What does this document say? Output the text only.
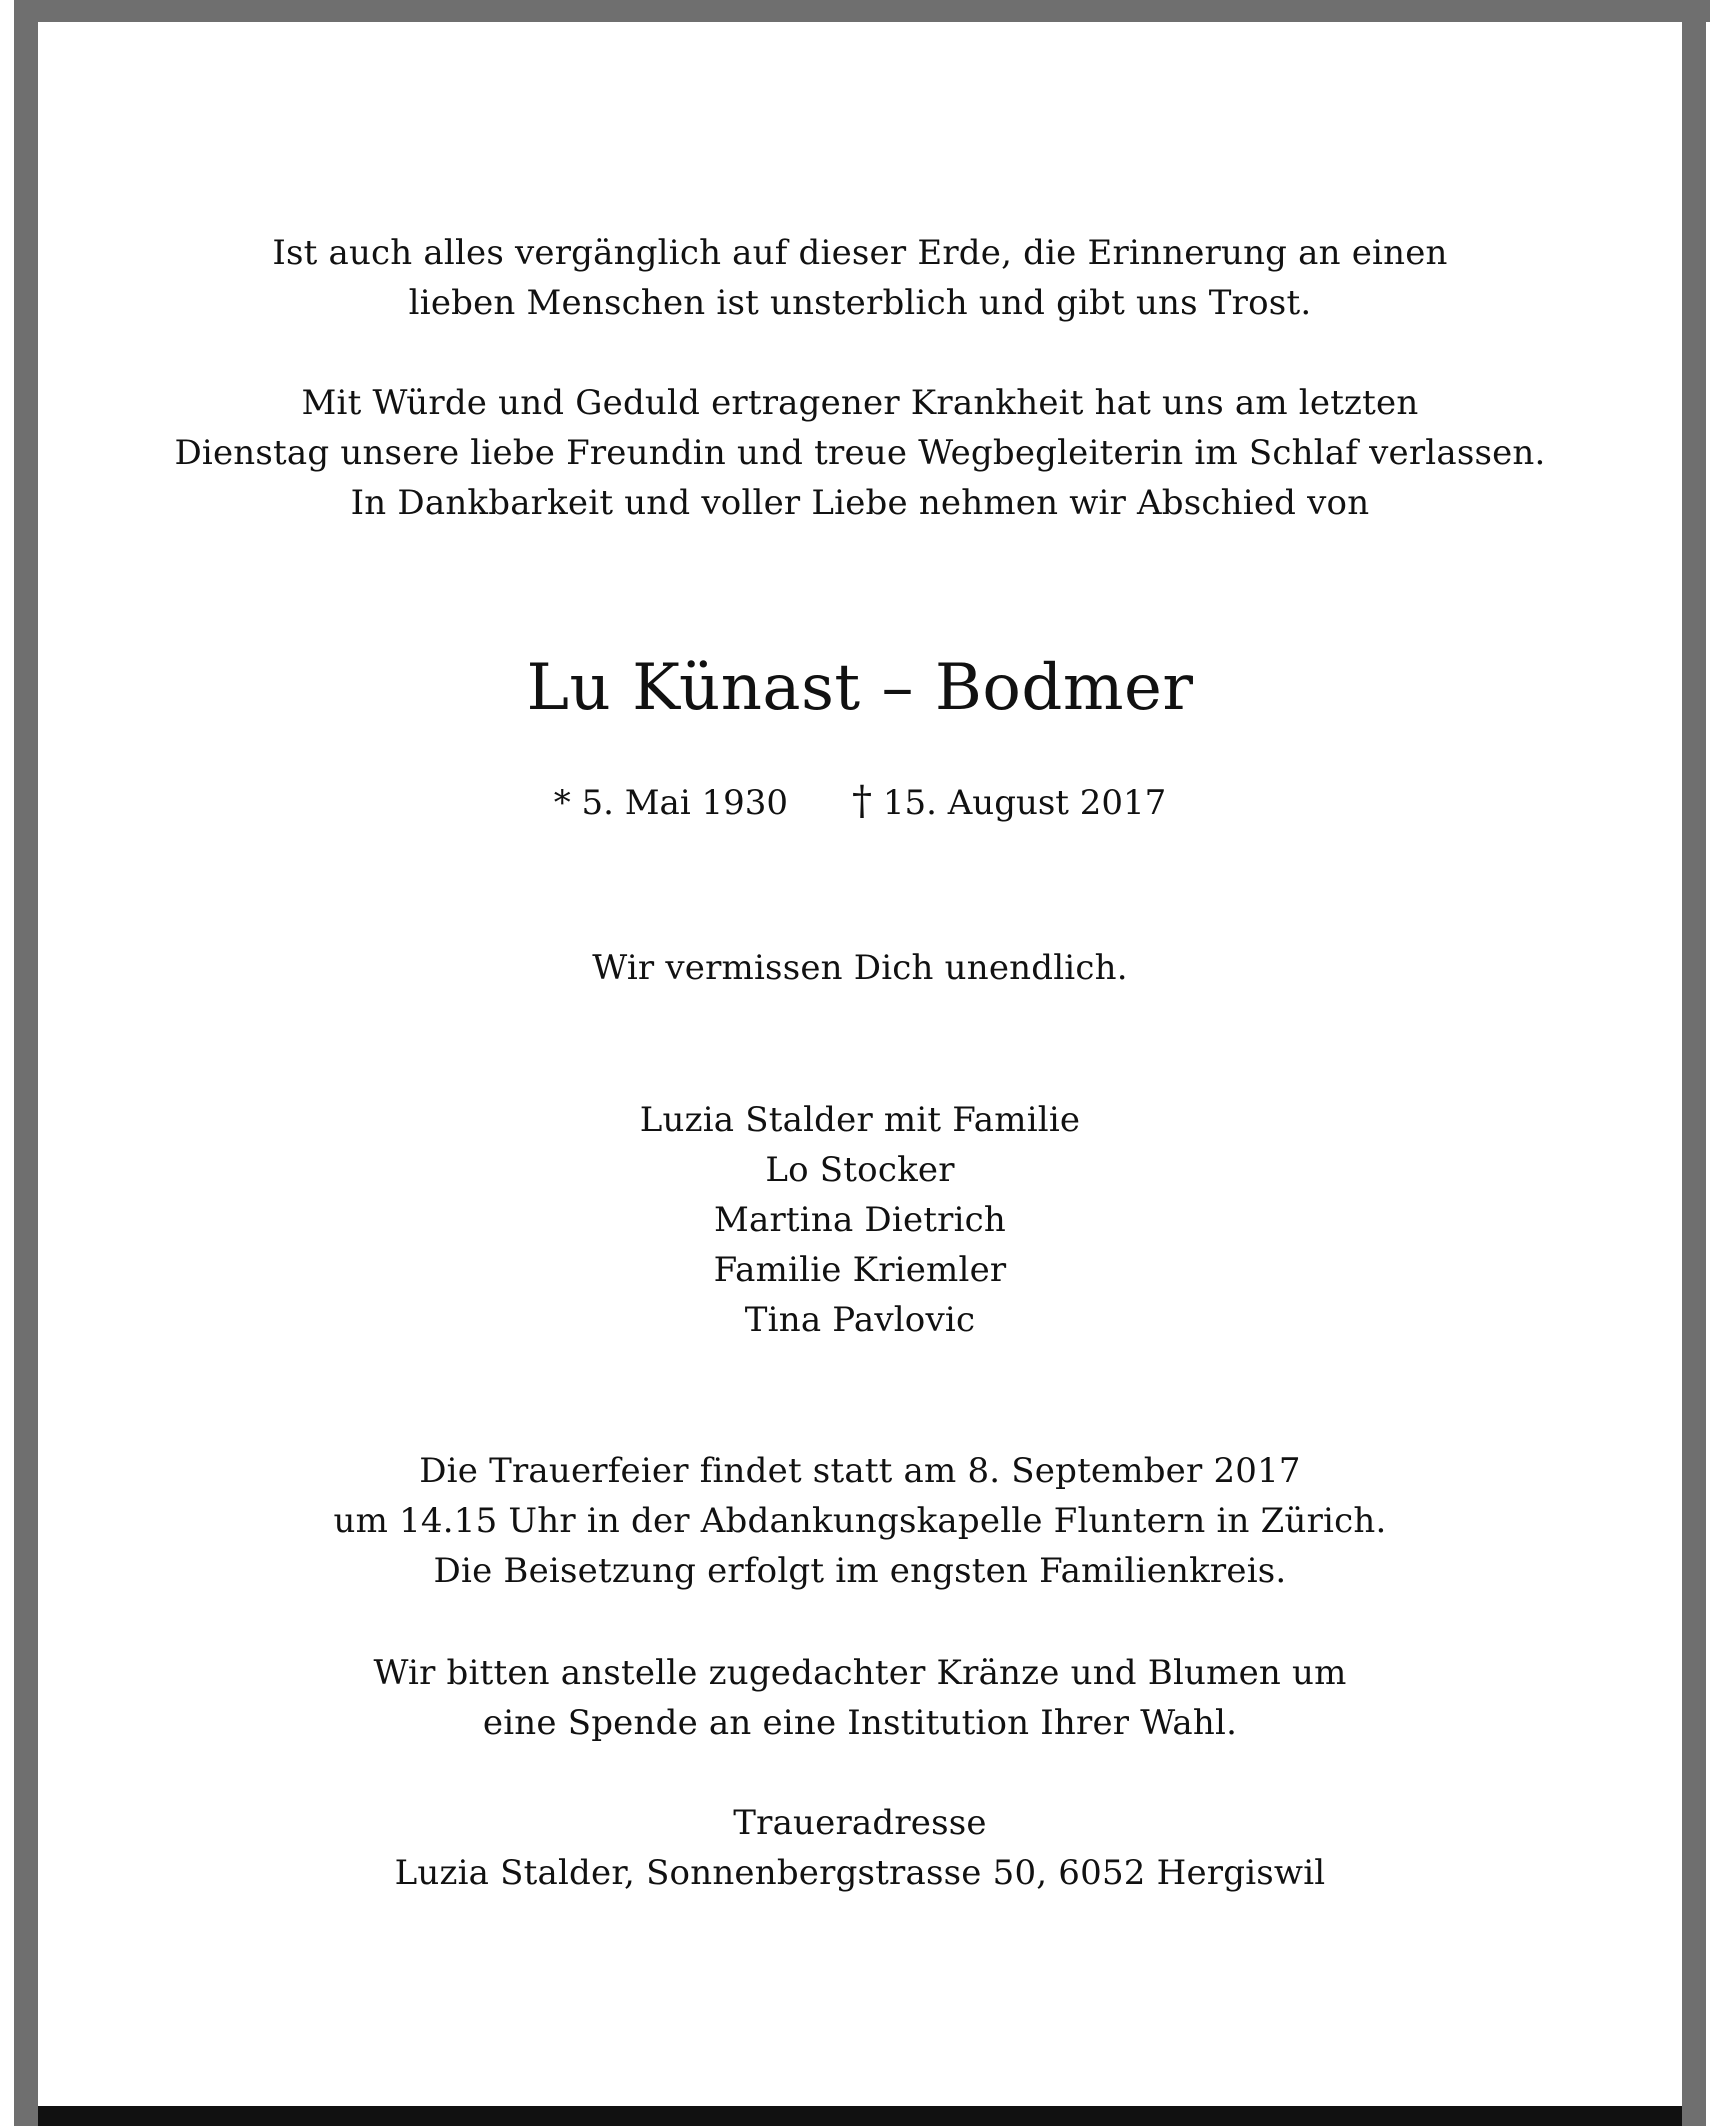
Ist auch alles vergänglich auf dieser Erde, die Erinnerung an einen
lieben Menschen ist unsterblich und gibt uns Trost.
Mit Würde und Geduld ertragener Krankheit hat uns am letzten
Dienstag unsere liebe Freundin und treue Wegbegleiterin im Schlaf verlassen.
In Dankbarkeit und voller Liebe nehmen wir Abschied von
Lu Künast – Bodmer
* 5. Mai 1930 † 15. August 2017
Wir vermissen Dich unendlich.
Luzia Stalder mit Familie
Lo Stocker
Martina Dietrich
Familie Kriemler
Tina Pavlovic
Die Trauerfeier findet statt am 8. September 2017
um 14.15 Uhr in der Abdankungskapelle Fluntern in Zürich.
Die Beisetzung erfolgt im engsten Familienkreis.
Wir bitten anstelle zugedachter Kränze und Blumen um
eine Spende an eine Institution Ihrer Wahl.
Traueradresse
Luzia Stalder, Sonnenbergstrasse 50, 6052 Hergiswil
